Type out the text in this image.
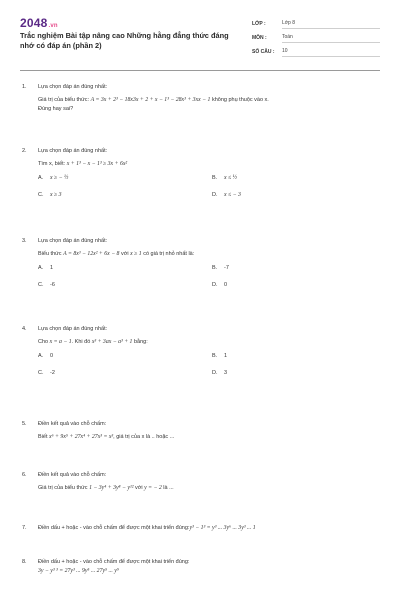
2048.vn
Trắc nghiệm Bài tập nâng cao Những hằng đẳng thức đáng
nhớ có đáp án (phần 2)
LỚP :	Lớp 8
MÔN :	Toán
SỐ CÂU :	10
1.	Lựa chọn đáp án đúng nhất:
Giá trị của biểu thức: A = 3x + 2³ − 18x3x + 2 + x − 1³ − 28x³ + 3xx − 1 không phụ thuộc vào x.
Đúng hay sai?
2.	Lựa chọn đáp án đúng nhất:
Tìm x, biết: x + 1³ − x − 1³ ≥ 3x + 6x²
A. x ≥ − ½	B. x ≤ ½
C. x ≥ 3	D. x ≤ − 3
3.	Lựa chọn đáp án đúng nhất:
Biểu thức A = 8x³ − 12x² + 6x − 8 với x ≥ 1 có giá trị nhỏ nhất là:
A. 1	B. -7
C. -6	D. 0
4.	Lựa chọn đáp án đúng nhất:
Cho x = a − 1. Khi đó x³ + 3ax − a³ + 1 bằng:
A. 0	B. 1
C. -2	D. 3
5.	Điền kết quả vào chỗ chấm:
Biết x⁶ + 9x⁵ + 27x⁴ + 27x³ = x³, giá trị của x là .. hoặc ...
6.	Điền kết quả vào chỗ chấm:
Giá trị của biểu thức 1 − 3y⁴ + 3y⁸ − y¹² với y = − 2 là ...
7.	Điền dấu + hoặc - vào chỗ chấm để được một khai triển đúng: y³ − 1³ = y³ ... 3y⁶ ... 3y³ ... 1
8.	Điền dấu + hoặc - vào chỗ chấm để được một khai triển đúng:
3y − y³ ³ = 27y³ ... 9y⁵ ... 27y⁵ ... y⁹
